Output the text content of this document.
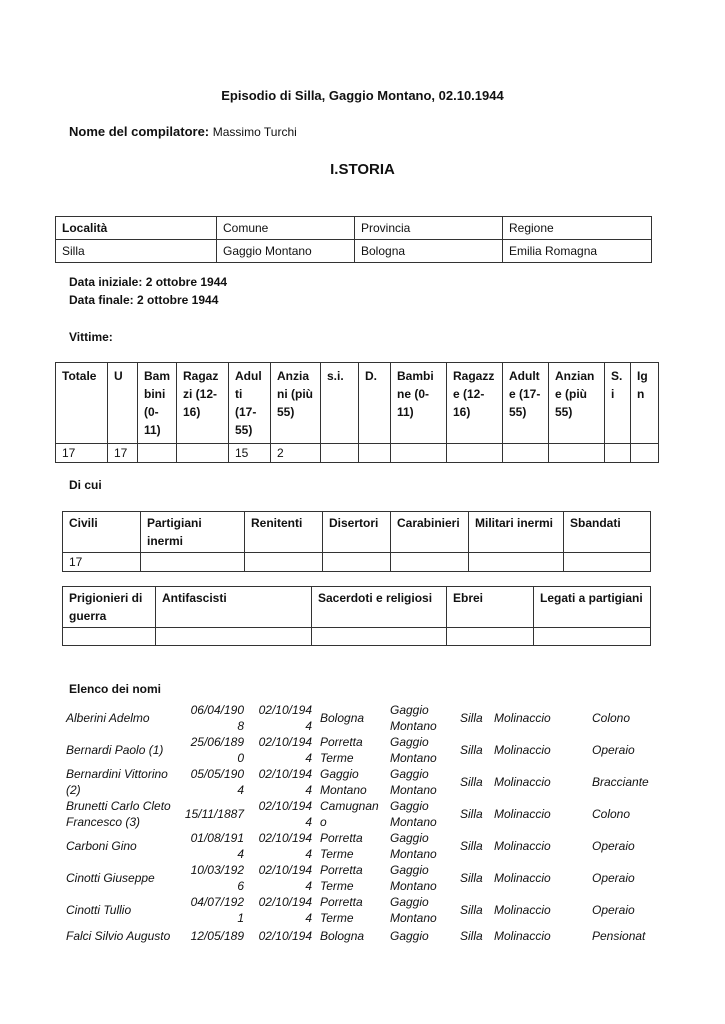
Episodio di Silla, Gaggio Montano, 02.10.1944
Nome del compilatore: Massimo Turchi
I.STORIA
Località	Comune	Provincia	Regione
Silla	Gaggio Montano	Bologna	Emilia Romagna
Data iniziale: 2 ottobre 1944
Data finale: 2 ottobre 1944
Vittime:
Totale	U	Bambini (0-11)	Ragazzi (12-16)	Adulti (17-55)	Anziani (più 55)	s.i.	D.	Bambine (0-11)	Ragazze (12-16)	Adulte (17-55)	Anziane (più 55)	S.i	Ign
17	17			15	2								
Di cui
Civili	Partigiani inermi	Renitenti	Disertori	Carabinieri	Militari inermi	Sbandati
17						
Prigionieri di guerra	Antifascisti	Sacerdoti e religiosi	Ebrei	Legati a partigiani

Elenco dei nomi
Alberini Adelmo	06/04/1908	02/10/1944	Bologna	Gaggio Montano	Silla	Molinaccio	Colono
Bernardi Paolo (1)	25/06/1890	02/10/1944	Porretta Terme	Gaggio Montano	Silla	Molinaccio	Operaio
Bernardini Vittorino (2)	05/05/1904	02/10/1944	Gaggio Montano	Gaggio Montano	Silla	Molinaccio	Bracciante
Brunetti Carlo Cleto Francesco (3)	15/11/1887	02/10/1944	Camugnano	Gaggio Montano	Silla	Molinaccio	Colono
Carboni Gino	01/08/1914	02/10/1944	Porretta Terme	Gaggio Montano	Silla	Molinaccio	Operaio
Cinotti Giuseppe	10/03/1926	02/10/1944	Porretta Terme	Gaggio Montano	Silla	Molinaccio	Operaio
Cinotti Tullio	04/07/1921	02/10/1944	Porretta Terme	Gaggio Montano	Silla	Molinaccio	Operaio
Falci Silvio Augusto	12/05/189	02/10/194	Bologna	Gaggio	Silla	Molinaccio	Pensionat
